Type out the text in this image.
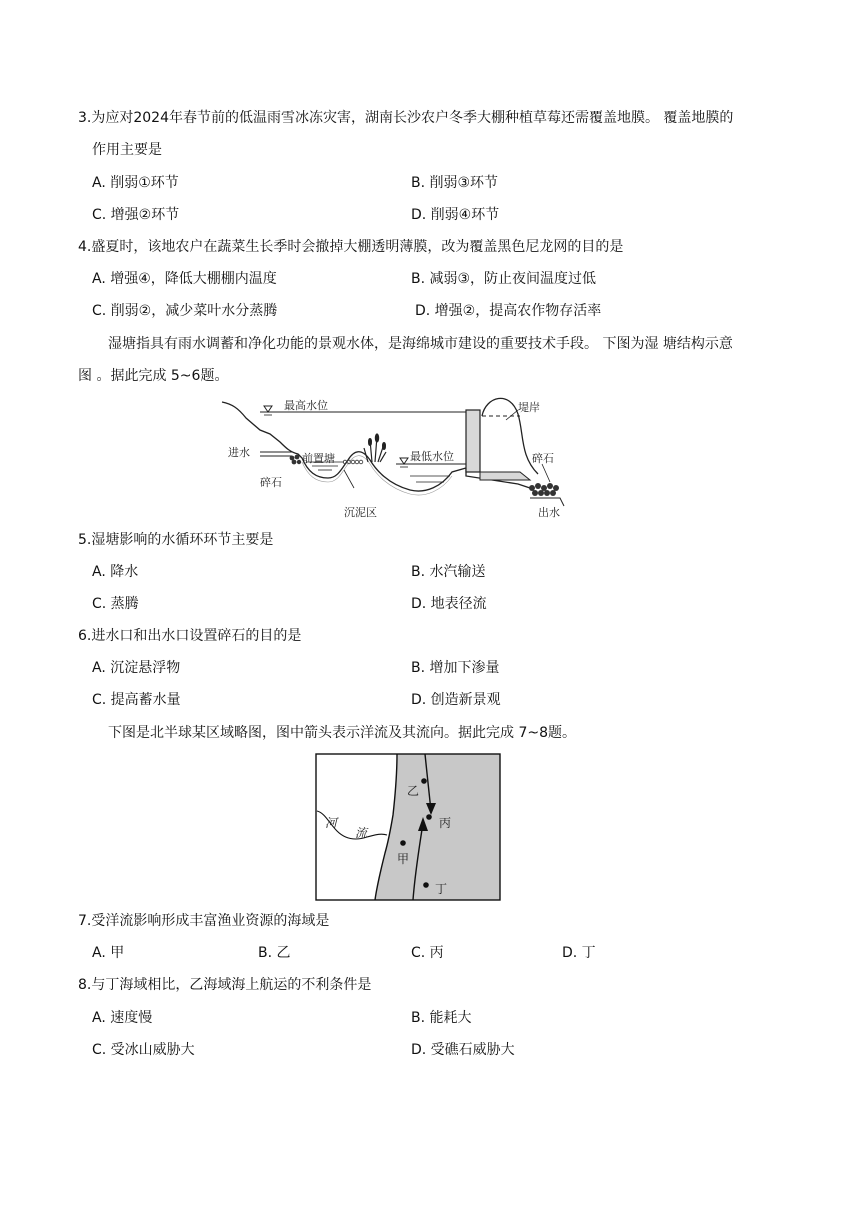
3.为应对2024年春节前的低温雨雪冰冻灾害，湖南长沙农户冬季大棚种植草莓还需覆盖地膜。 覆盖地膜的
作用主要是
A. 削弱①环节	B. 削弱③环节
C. 增强②环节	D. 削弱④环节
4.盛夏时，该地农户在蔬菜生长季时会撤掉大棚透明薄膜，改为覆盖黑色尼龙网的目的是
A. 增强④，降低大棚棚内温度	B. 减弱③，防止夜间温度过低
C. 削弱②，减少菜叶水分蒸腾	D. 增强②，提高农作物存活率
湿塘指具有雨水调蓄和净化功能的景观水体，是海绵城市建设的重要技术手段。 下图为湿 塘结构示意
图 。据此完成 5~6题。
最高水位	堤岸
进水	前置塘	最低水位
碎石
碎石
沉泥区	出水
5.湿塘影响的水循环环节主要是
A. 降水	B. 水汽输送
C. 蒸腾	D. 地表径流
6.进水口和出水口设置碎石的目的是
A. 沉淀悬浮物	B. 增加下渗量
C. 提高蓄水量	D. 创造新景观
下图是北半球某区域略图，图中箭头表示洋流及其流向。据此完成 7~8题。
河
流
乙
丙
甲
丁
7.受洋流影响形成丰富渔业资源的海域是
A. 甲	B. 乙	C. 丙	D. 丁
8.与丁海域相比，乙海域海上航运的不利条件是
A. 速度慢	B. 能耗大
C. 受冰山威胁大	D. 受礁石威胁大
